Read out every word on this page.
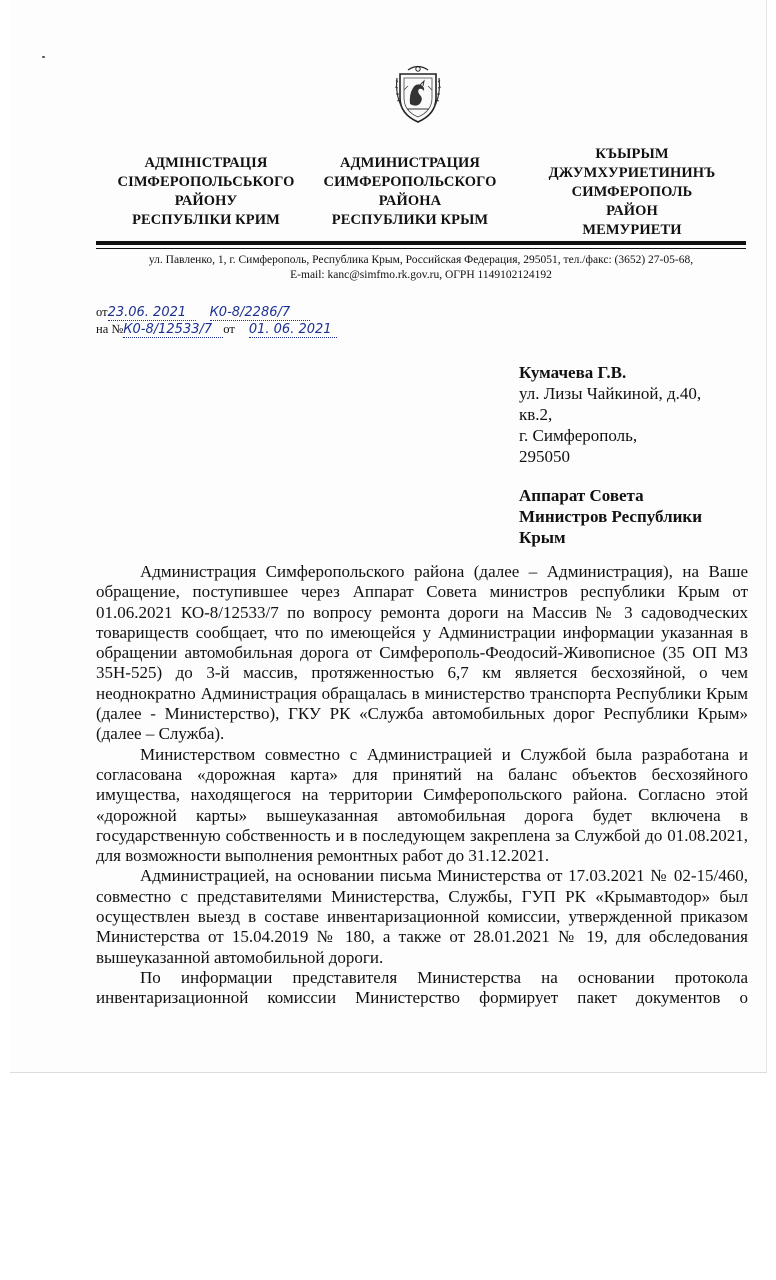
АДМІНІСТРАЦІЯ
СІМФЕРОПОЛЬСЬКОГО
РАЙОНУ
РЕСПУБЛІКИ КРИМ
АДМИНИСТРАЦИЯ
СИМФЕРОПОЛЬСКОГО
РАЙОНА
РЕСПУБЛИКИ КРЫМ
КЪЫРЫМ
ДЖУМХУРИЕТИНИНЪ
СИМФЕРОПОЛЬ
РАЙОН
МЕМУРИЕТИ
ул. Павленко, 1, г. Симферополь, Республика Крым, Российская Федерация, 295051, тел./факс: (3652) 27-05-68,
E-mail: kanc@simfmo.rk.gov.ru, ОГРН 1149102124192
от23.06. 2021 К0-8/2286/7
на №К0-8/12533/7 от 01. 06. 2021
Кумачева Г.В.
ул. Лизы Чайкиной, д.40,
кв.2,
г. Симферополь,
295050
Аппарат Совета
Министров Республики
Крым

Администрация Симферопольского района (далее – Администрация), на Ваше обращение, поступившее через Аппарат Совета министров республики Крым от 01.06.2021 КО-8/12533/7 по вопросу ремонта дороги на Массив № 3 садоводческих товариществ сообщает, что по имеющейся у Администрации информации указанная в обращении автомобильная дорога от Симферополь-Феодосий-Живописное (35 ОП МЗ 35Н-525) до 3-й массив, протяженностью 6,7 км является бесхозяйной, о чем неоднократно Администрация обращалась в министерство транспорта Республики Крым (далее - Министерство), ГКУ РК «Служба автомобильных дорог Республики Крым» (далее – Служба).

Министерством совместно с Администрацией и Службой была разработана и согласована «дорожная карта» для принятий на баланс объектов бесхозяйного имущества, находящегося на территории Симферопольского района. Согласно этой «дорожной карты» вышеуказанная автомобильная дорога будет включена в государственную собственность и в последующем закреплена за Службой до 01.08.2021, для возможности выполнения ремонтных работ до 31.12.2021.

Администрацией, на основании письма Министерства от 17.03.2021 № 02-15/460, совместно с представителями Министерства, Службы, ГУП РК «Крымавтодор» был осуществлен выезд в составе инвентаризационной комиссии, утвержденной приказом Министерства от 15.04.2019 № 180, а также от 28.01.2021 № 19, для обследования вышеуказанной автомобильной дороги.

По информации представителя Министерства на основании протокола инвентаризационной комиссии Министерство формирует пакет документов о
